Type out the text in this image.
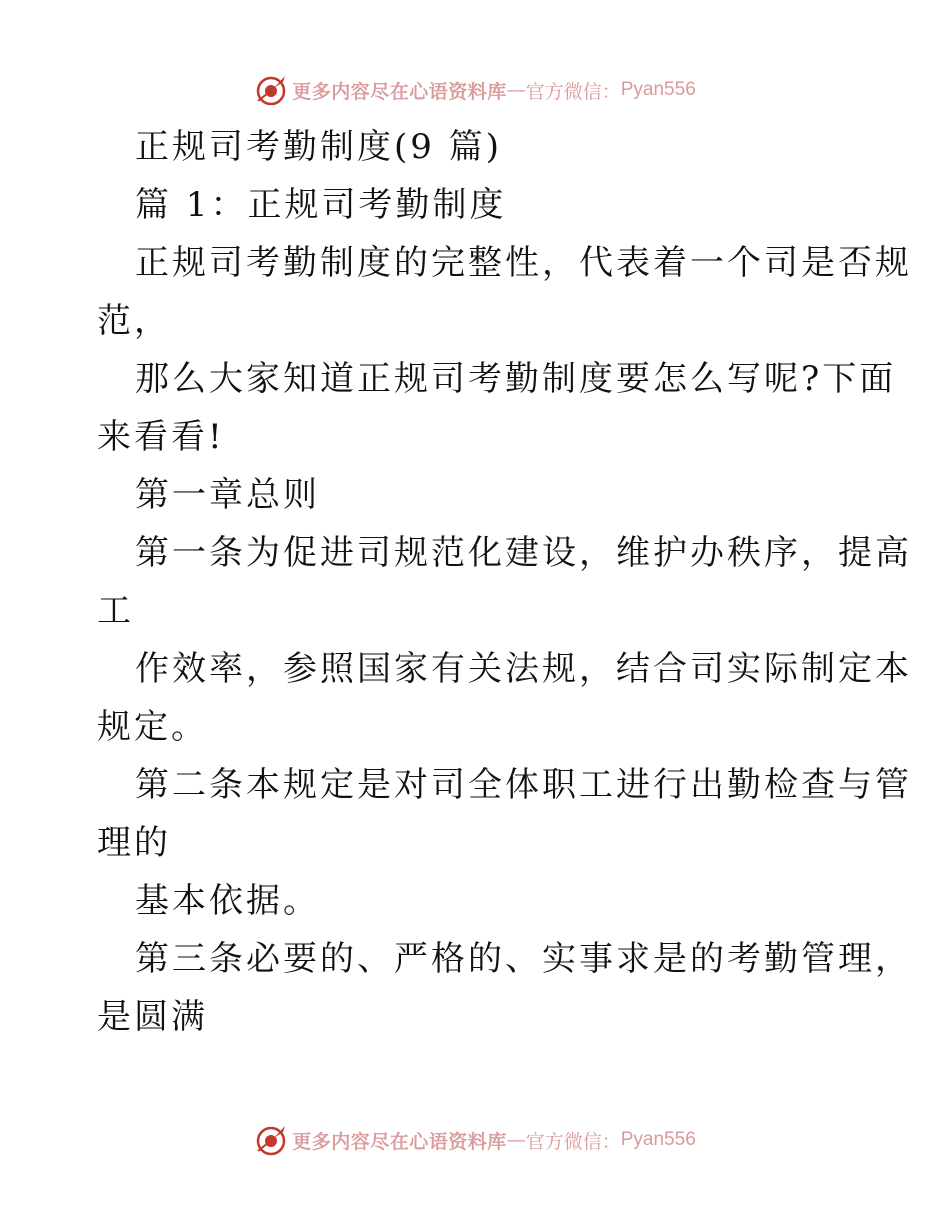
更多内容尽在心语资料库 — 官方微信： Pyan556
正规司考勤制度(9 篇)
篇 1：正规司考勤制度
正规司考勤制度的完整性，代表着一个司是否规
范，
那么大家知道正规司考勤制度要怎么写呢?下面
来看看!
第一章总则
第一条为促进司规范化建设，维护办秩序，提高
工
作效率，参照国家有关法规，结合司实际制定本
规定。
第二条本规定是对司全体职工进行出勤检查与管
理的
基本依据。
第三条必要的、严格的、实事求是的考勤管理，
是圆满
更多内容尽在心语资料库 — 官方微信： Pyan556
